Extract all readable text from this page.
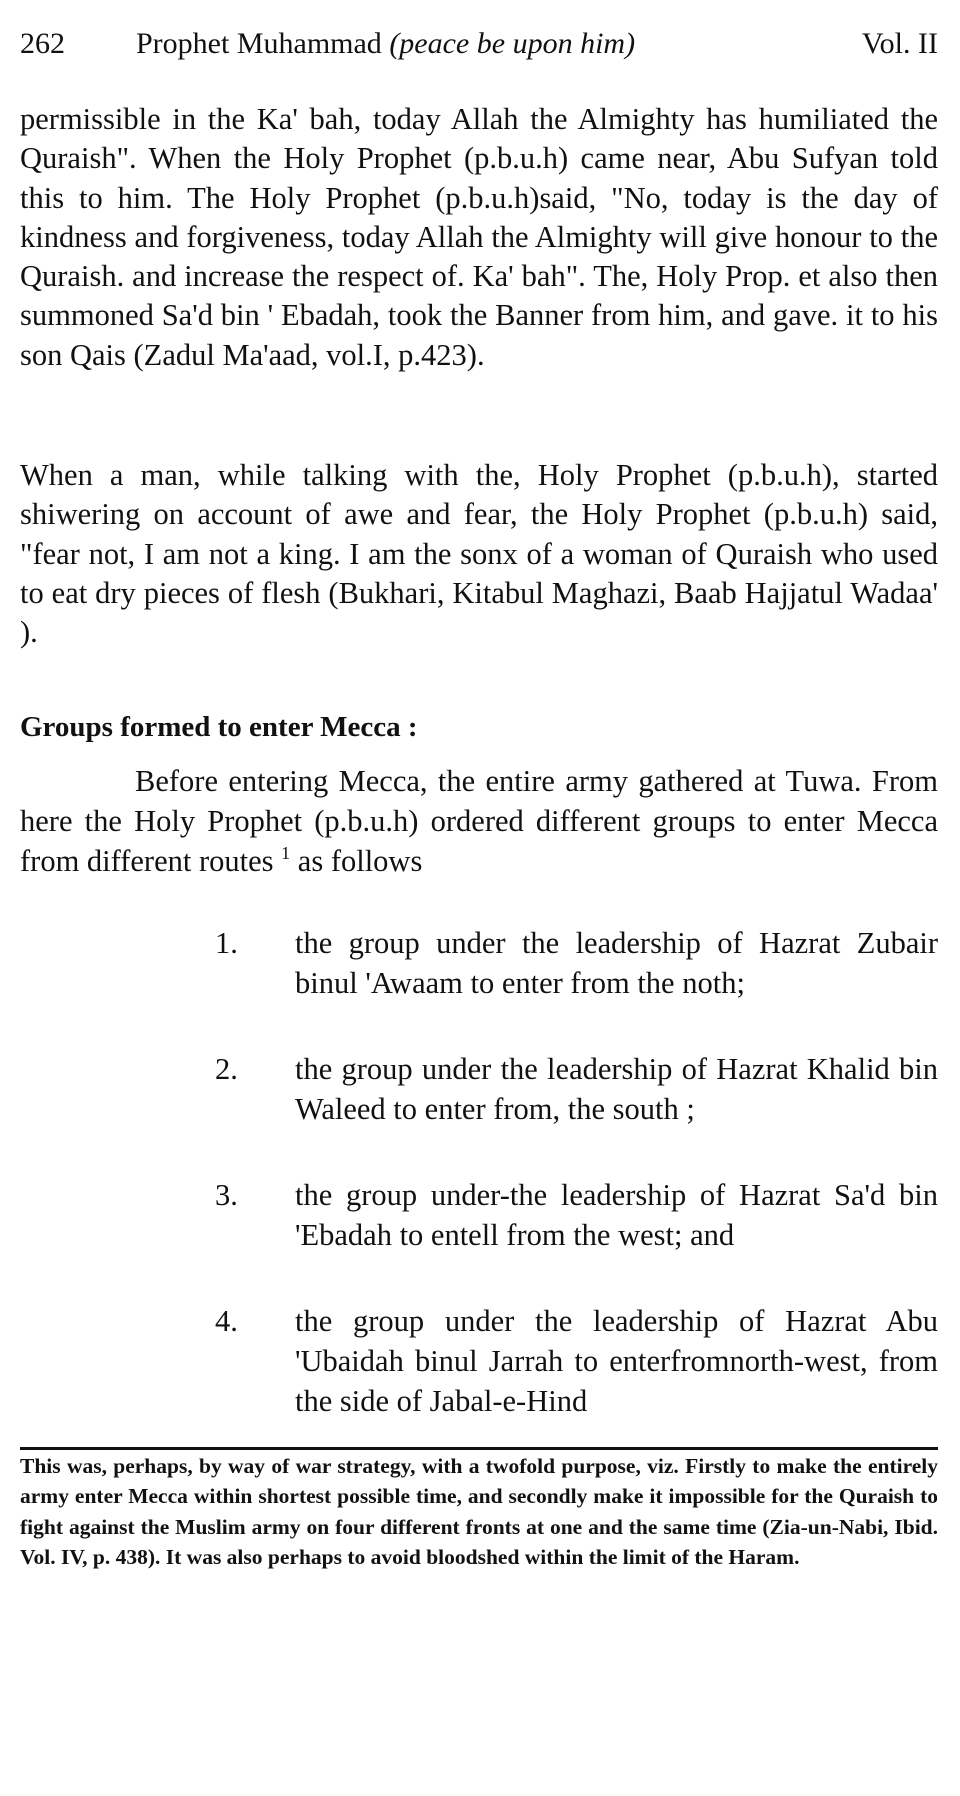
262 Prophet Muhammad (peace be upon him)	Vol. II

permissible in the Ka' bah, today Allah the Almighty has humiliated the Quraish". When the Holy Prophet (p.b.u.h) came near, Abu Sufyan told this to him. The Holy Prophet (p.b.u.h)said, "No, today is the day of kindness and forgiveness, today Allah the Almighty will give honour to the Quraish. and increase the respect of. Ka' bah". The, Holy Prop. et also then summoned Sa'd bin ' Ebadah, took the Banner from him, and gave. it to his son Qais (Zadul Ma'aad, vol.I, p.423).

When a man, while talking with the, Holy Prophet (p.b.u.h), started shiwering on account of awe and fear, the Holy Prophet (p.b.u.h) said, "fear not, I am not a king. I am the sonx of a woman of Quraish who used to eat dry pieces of flesh (Bukhari, Kitabul Maghazi, Baab Hajjatul Wadaa' ).

Groups formed to enter Mecca :

Before entering Mecca, the entire army gathered at Tuwa. From here the Holy Prophet (p.b.u.h) ordered different groups to enter Mecca from different routes $^1$ as follows

1. the group under the leadership of Hazrat Zubair binul 'Awaam to enter from the noth;

2. the group under the leadership of Hazrat Khalid bin Waleed to enter from, the south ;

3. the group under-the leadership of Hazrat Sa'd bin 'Ebadah to entell from the west; and

4. the group under the leadership of Hazrat Abu 'Ubaidah binul Jarrah to enterfromnorth-west, from the side of Jabal-e-Hind

This was, perhaps, by way of war strategy, with a twofold purpose, viz. Firstly to make the entirely army enter Mecca within shortest possible time, and secondly make it impossible for the Quraish to fight against the Muslim army on four different fronts at one and the same time (Zia-un-Nabi, Ibid. Vol. IV, p. 438). It was also perhaps to avoid bloodshed within the limit of the Haram.
